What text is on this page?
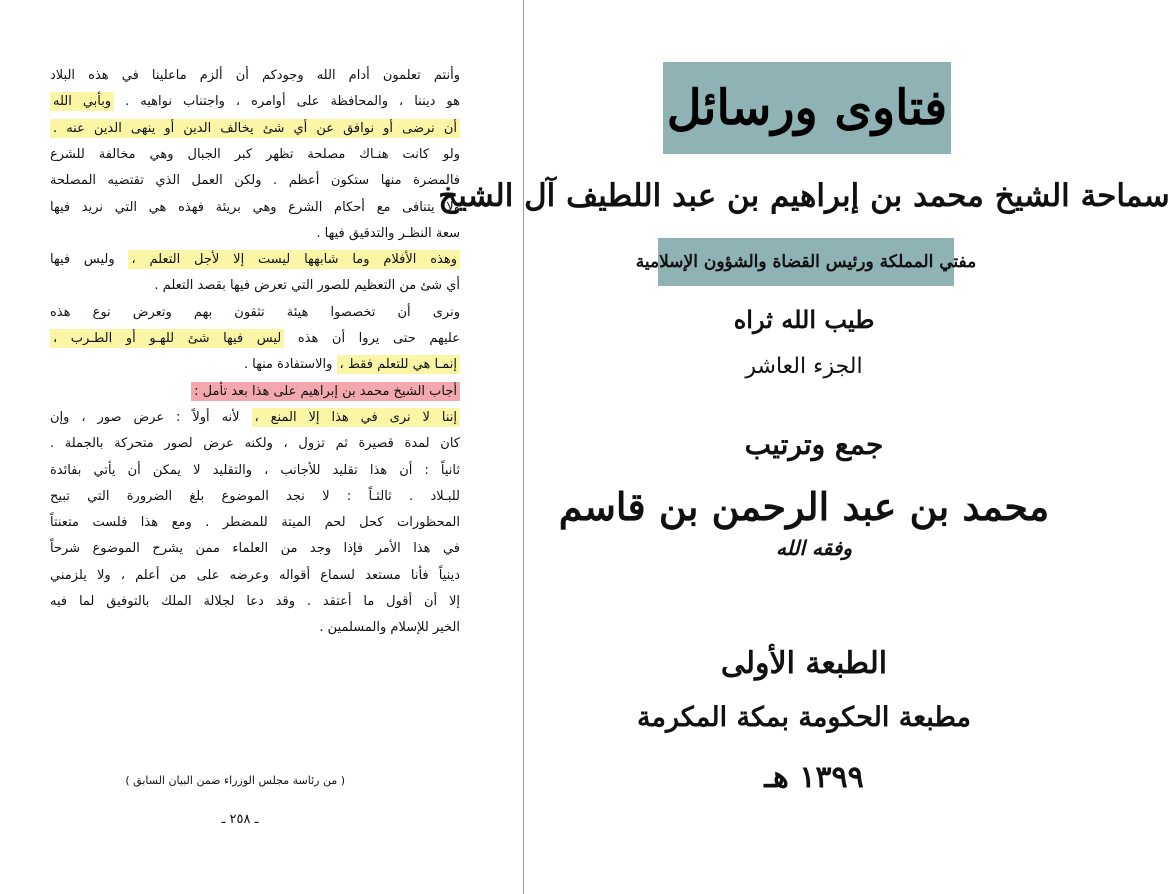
وأنتم تعلمون أدام الله وجودكم أن ألزم ماعلينا في هذه البلاد
هو ديننا ، والمحافظة على أوامره ، واجتناب نواهيه . وبأبي الله
أن نرضى أو نوافق عن أي شئ يخالف الدين أو ينهى الدين عنه .
ولو كانت هنـاك مصلحة تظهر كبر الجبال وهي مخالفة للشرع
فالمضرة منها ستكون أعظم . ولكن العمل الذي تقتضيه المصلحة
ولا يتنافى مع أحكام الشرع وهي بريئة فهذه هي التي نريد فيها
سعة النظـر والتدقيق فيها .
وهذه الأفلام وما شابهها ليست إلا لأجل التعلم ، وليس فيها
أي شئ من التعظيم للصور التي تعرض فيها بقصد التعلم .
ونرى أن تخصصوا هيئة تثقون بهم وتعرض نوع هذه
عليهم حتى يروا أن هذه ليس فيها شئ للهـو أو الطـرب ،
إنمـا هي للتعلم فقط ، والاستفادة منها .
أجاب الشيخ محمد بن إبراهيم على هذا بعد تأمل :
إننا لا نرى في هذا إلا المنع ، لأنه أولاً : عرض صور ، وإن
كان لمدة قصيرة ثم تزول ، ولكنه عرض لصور متحركة بالجملة .
ثانياً : أن هذا تقليد للأجانب ، والتقليد لا يمكن أن يأتي بفائدة
للبـلاد . ثالثـاً : لا نجد الموضوع بلغ الضرورة التي تبيح
المحظورات كحل لحم الميتة للمضطر . ومع هذا فلست متعنتاً
في هذا الأمر فإذا وجد من العلماء ممن يشرح الموضوع شرحاً
دينياً فأنا مستعد لسماع أقواله وعرضه على من أعلم ، ولا يلزمني
إلا أن أقول ما أعتقد . وقد دعا لجلالة الملك بالتوفيق لما فيه
الخير للإسلام والمسلمين .
( من رئاسة مجلس الوزراء ضمن البيان السابق )
ـ ٢٥٨ ـ
فتاوى ورسائل
سماحة الشيخ محمد بن إبراهيم بن عبد اللطيف آل الشيخ
مفتي المملكة ورئيس القضاة والشؤون الإسلامية
طيب الله ثراه
الجزء العاشر
جمع وترتيب
محمد بن عبد الرحمن بن قاسم
وفقه الله
الطبعة الأولى
مطبعة الحكومة بمكة المكرمة
١٣٩٩ هـ
